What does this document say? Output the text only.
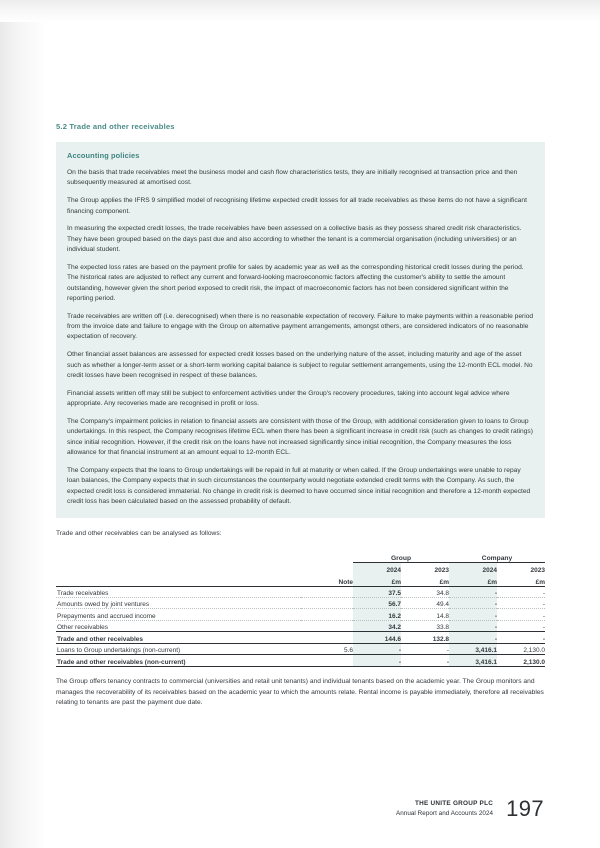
5.2 Trade and other receivables
Accounting policies

On the basis that trade receivables meet the business model and cash flow characteristics tests, they are initially recognised at transaction price and then subsequently measured at amortised cost.

The Group applies the IFRS 9 simplified model of recognising lifetime expected credit losses for all trade receivables as these items do not have a significant financing component.

In measuring the expected credit losses, the trade receivables have been assessed on a collective basis as they possess shared credit risk characteristics. They have been grouped based on the days past due and also according to whether the tenant is a commercial organisation (including universities) or an individual student.

The expected loss rates are based on the payment profile for sales by academic year as well as the corresponding historical credit losses during the period. The historical rates are adjusted to reflect any current and forward-looking macroeconomic factors affecting the customer's ability to settle the amount outstanding, however given the short period exposed to credit risk, the impact of macroeconomic factors has not been considered significant within the reporting period.

Trade receivables are written off (i.e. derecognised) when there is no reasonable expectation of recovery. Failure to make payments within a reasonable period from the invoice date and failure to engage with the Group on alternative payment arrangements, amongst others, are considered indicators of no reasonable expectation of recovery.

Other financial asset balances are assessed for expected credit losses based on the underlying nature of the asset, including maturity and age of the asset such as whether a longer-term asset or a short-term working capital balance is subject to regular settlement arrangements, using the 12-month ECL model. No credit losses have been recognised in respect of these balances.

Financial assets written off may still be subject to enforcement activities under the Group's recovery procedures, taking into account legal advice where appropriate. Any recoveries made are recognised in profit or loss.

The Company's impairment policies in relation to financial assets are consistent with those of the Group, with additional consideration given to loans to Group undertakings. In this respect, the Company recognises lifetime ECL when there has been a significant increase in credit risk (such as changes to credit ratings) since initial recognition. However, if the credit risk on the loans have not increased significantly since initial recognition, the Company measures the loss allowance for that financial instrument at an amount equal to 12-month ECL.

The Company expects that the loans to Group undertakings will be repaid in full at maturity or when called. If the Group undertakings were unable to repay loan balances, the Company expects that in such circumstances the counterparty would negotiate extended credit terms with the Company. As such, the expected credit loss is considered immaterial. No change in credit risk is deemed to have occurred since initial recognition and therefore a 12-month expected credit loss has been calculated based on the assessed probability of default.

Trade and other receivables can be analysed as follows:

		Group		Company	
		2024	2023	2024	2023
	Note	£m	£m	£m	£m
Trade receivables		37.5	34.8	-	-
Amounts owed by joint ventures		56.7	49.4	-	-
Prepayments and accrued income		16.2	14.8	-	-
Other receivables		34.2	33.8	-	-
Trade and other receivables		144.6	132.8	-	-
Loans to Group undertakings (non-current)	5.6	-	-	3,416.1	2,130.0
Trade and other receivables (non-current)		-	-	3,416.1	2,130.0

The Group offers tenancy contracts to commercial (universities and retail unit tenants) and individual tenants based on the academic year. The Group monitors and manages the recoverability of its receivables based on the academic year to which the amounts relate. Rental income is payable immediately, therefore all receivables relating to tenants are past the payment due date.

THE UNITE GROUP PLC
Annual Report and Accounts 2024 197
